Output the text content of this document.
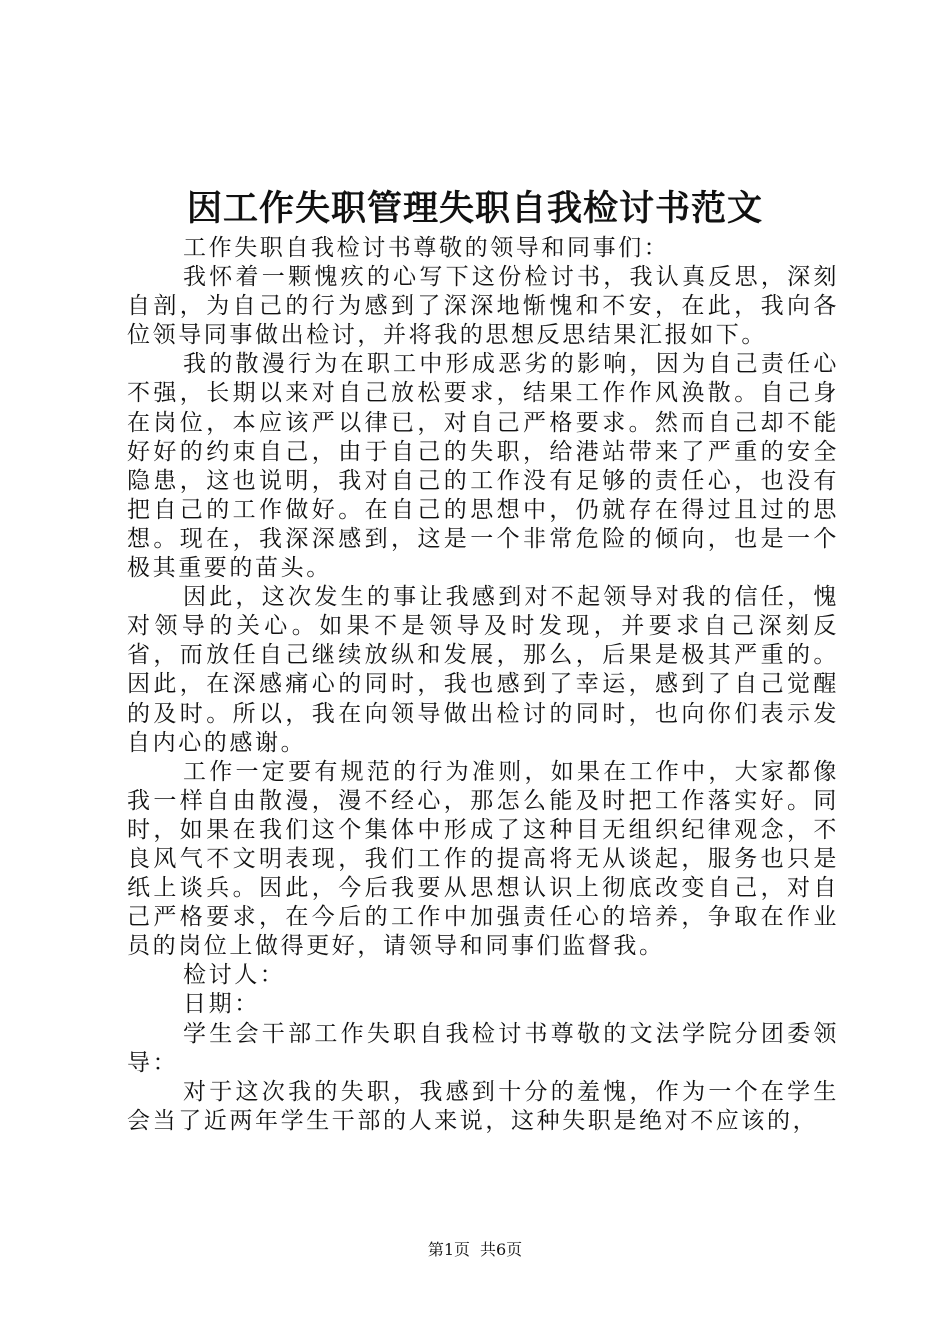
因工作失职管理失职自我检讨书范文

工作失职自我检讨书尊敬的领导和同事们：

我怀着一颗愧疚的心写下这份检讨书，我认真反思，深刻自剖，为自己的行为感到了深深地惭愧和不安，在此，我向各位领导同事做出检讨，并将我的思想反思结果汇报如下。

我的散漫行为在职工中形成恶劣的影响，因为自己责任心不强，长期以来对自己放松要求，结果工作作风涣散。自己身在岗位，本应该严以律已，对自己严格要求。然而自己却不能好好的约束自己，由于自己的失职，给港站带来了严重的安全隐患，这也说明，我对自己的工作没有足够的责任心，也没有把自己的工作做好。在自己的思想中，仍就存在得过且过的思想。现在，我深深感到，这是一个非常危险的倾向，也是一个极其重要的苗头。

因此，这次发生的事让我感到对不起领导对我的信任，愧对领导的关心。如果不是领导及时发现，并要求自己深刻反省，而放任自己继续放纵和发展，那么，后果是极其严重的。因此，在深感痛心的同时，我也感到了幸运，感到了自己觉醒的及时。所以，我在向领导做出检讨的同时，也向你们表示发自内心的感谢。

工作一定要有规范的行为准则，如果在工作中，大家都像我一样自由散漫，漫不经心，那怎么能及时把工作落实好。同时，如果在我们这个集体中形成了这种目无组织纪律观念，不良风气不文明表现，我们工作的提高将无从谈起，服务也只是纸上谈兵。因此，今后我要从思想认识上彻底改变自己，对自己严格要求，在今后的工作中加强责任心的培养，争取在作业员的岗位上做得更好，请领导和同事们监督我。

检讨人：

日期：

学生会干部工作失职自我检讨书尊敬的文法学院分团委领导：

对于这次我的失职，我感到十分的羞愧，作为一个在学生会当了近两年学生干部的人来说，这种失职是绝对不应该的，

第1页 共6页
